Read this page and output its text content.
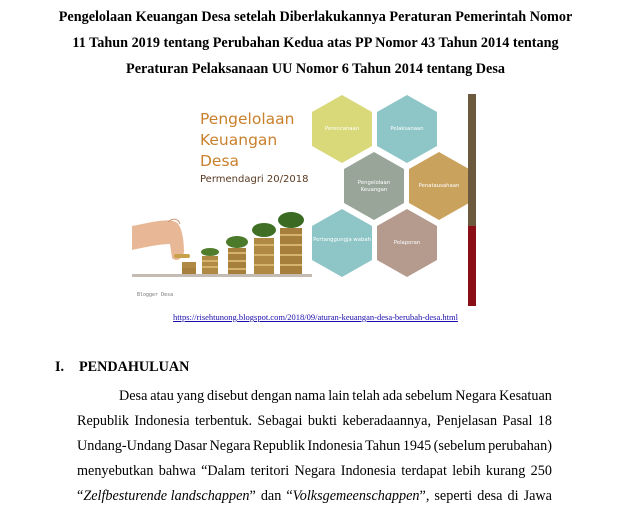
Pengelolaan Keuangan Desa setelah Diberlakukannya Peraturan Pemerintah Nomor
11 Tahun 2019 tentang Perubahan Kedua atas PP Nomor 43 Tahun 2014 tentang
Peraturan Pelaksanaan UU Nomor 6 Tahun 2014 tentang Desa
Pengelolaan
Keuangan
Desa
Permendagri 20/2018
Perencanaan	Pelaksanaan
Pengelolaan Keuangan
Penatausahaan
Pertanggungja wabah	Pelaporan
Blogger Desa
https://risehtunong.blogspot.com/2018/09/aturan-keuangan-desa-berubah-desa.html
I. PENDAHULUAN
Desa atau yang disebut dengan nama lain telah ada sebelum Negara Kesatuan
Republik Indonesia terbentuk. Sebagai bukti keberadaannya, Penjelasan Pasal 18
Undang-Undang Dasar Negara Republik Indonesia Tahun 1945 (sebelum perubahan)
menyebutkan bahwa “Dalam teritori Negara Indonesia terdapat lebih kurang 250
“Zelfbesturende landschappen” dan “Volksgemeenschappen”, seperti desa di Jawa
